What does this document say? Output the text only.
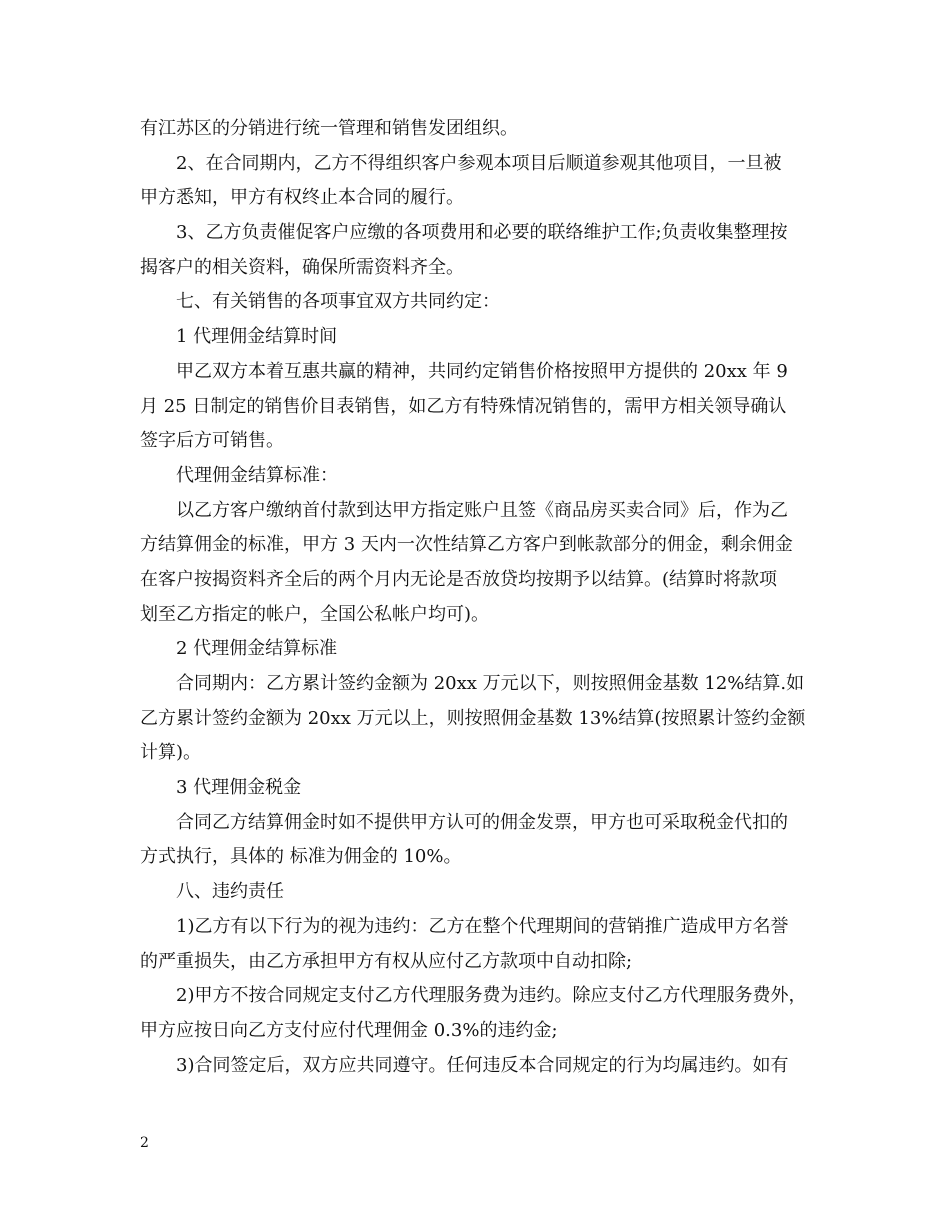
有江苏区的分销进行统一管理和销售发团组织。
2、在合同期内，乙方不得组织客户参观本项目后顺道参观其他项目，一旦被
甲方悉知，甲方有权终止本合同的履行。
3、乙方负责催促客户应缴的各项费用和必要的联络维护工作;负责收集整理按
揭客户的相关资料，确保所需资料齐全。
七、有关销售的各项事宜双方共同约定：
1 代理佣金结算时间
甲乙双方本着互惠共赢的精神，共同约定销售价格按照甲方提供的 20xx 年 9
月 25 日制定的销售价目表销售，如乙方有特殊情况销售的，需甲方相关领导确认
签字后方可销售。
代理佣金结算标准：
以乙方客户缴纳首付款到达甲方指定账户且签《商品房买卖合同》后，作为乙
方结算佣金的标准，甲方 3 天内一次性结算乙方客户到帐款部分的佣金，剩余佣金
在客户按揭资料齐全后的两个月内无论是否放贷均按期予以结算。(结算时将款项
划至乙方指定的帐户，全国公私帐户均可)。
2 代理佣金结算标准
合同期内：乙方累计签约金额为 20xx 万元以下，则按照佣金基数 12%结算.如
乙方累计签约金额为 20xx 万元以上，则按照佣金基数 13%结算(按照累计签约金额
计算)。
3 代理佣金税金
合同乙方结算佣金时如不提供甲方认可的佣金发票，甲方也可采取税金代扣的
方式执行，具体的 标准为佣金的 10%。
八、违约责任
1)乙方有以下行为的视为违约：乙方在整个代理期间的营销推广造成甲方名誉
的严重损失，由乙方承担甲方有权从应付乙方款项中自动扣除;
2)甲方不按合同规定支付乙方代理服务费为违约。除应支付乙方代理服务费外，
甲方应按日向乙方支付应付代理佣金 0.3%的违约金;
3)合同签定后，双方应共同遵守。任何违反本合同规定的行为均属违约。如有
2
